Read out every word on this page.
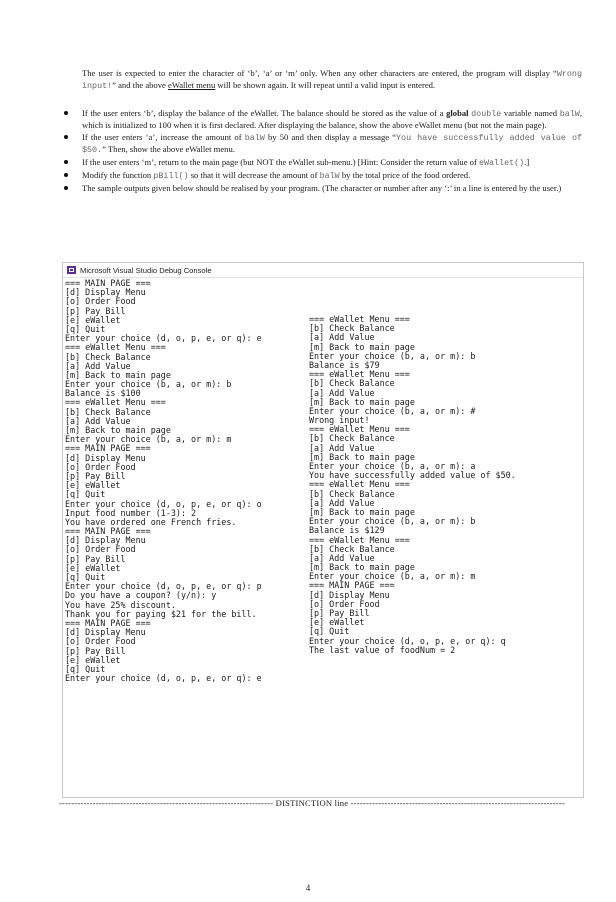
The user is expected to enter the character of ‘b’, ‘a’ or ‘m’ only. When any other characters are entered, the program will display “Wrong input!” and the above eWallet menu will be shown again. It will repeat until a valid input is entered.

If the user enters ‘b’, display the balance of the eWallet. The balance should be stored as the value of a global double variable named balW, which is initialized to 100 when it is first declared. After displaying the balance, show the above eWallet menu (but not the main page).
If the user enters ‘a’, increase the amount of balW by 50 and then display a message “You have successfully added value of $50.” Then, show the above eWallet menu.
If the user enters ‘m’, return to the main page (but NOT the eWallet sub-menu.) [Hint: Consider the return value of eWallet().]
Modify the function pBill() so that it will decrease the amount of balW by the total price of the food ordered.
The sample outputs given below should be realised by your program. (The character or number after any ‘:’ in a line is entered by the user.)
Microsoft Visual Studio Debug Console
=== MAIN PAGE ===
[d] Display Menu
[o] Order Food
[p] Pay Bill
[e] eWallet
[q] Quit
Enter your choice (d, o, p, e, or q): e
=== eWallet Menu ===
[b] Check Balance
[a] Add Value
[m] Back to main page
Enter your choice (b, a, or m): b
Balance is $100
=== eWallet Menu ===
[b] Check Balance
[a] Add Value
[m] Back to main page
Enter your choice (b, a, or m): m
=== MAIN PAGE ===
[d] Display Menu
[o] Order Food
[p] Pay Bill
[e] eWallet
[q] Quit
Enter your choice (d, o, p, e, or q): o
Input food number (1-3): 2
You have ordered one French fries.
=== MAIN PAGE ===
[d] Display Menu
[o] Order Food
[p] Pay Bill
[e] eWallet
[q] Quit
Enter your choice (d, o, p, e, or q): p
Do you have a coupon? (y/n): y
You have 25% discount.
Thank you for paying $21 for the bill.
=== MAIN PAGE ===
[d] Display Menu
[o] Order Food
[p] Pay Bill
[e] eWallet
[q] Quit
Enter your choice (d, o, p, e, or q): e
=== eWallet Menu ===
[b] Check Balance
[a] Add Value
[m] Back to main page
Enter your choice (b, a, or m): b
Balance is $79
=== eWallet Menu ===
[b] Check Balance
[a] Add Value
[m] Back to main page
Enter your choice (b, a, or m): #
Wrong input!
=== eWallet Menu ===
[b] Check Balance
[a] Add Value
[m] Back to main page
Enter your choice (b, a, or m): a
You have successfully added value of $50.
=== eWallet Menu ===
[b] Check Balance
[a] Add Value
[m] Back to main page
Enter your choice (b, a, or m): b
Balance is $129
=== eWallet Menu ===
[b] Check Balance
[a] Add Value
[m] Back to main page
Enter your choice (b, a, or m): m
=== MAIN PAGE ===
[d] Display Menu
[o] Order Food
[p] Pay Bill
[e] eWallet
[q] Quit
Enter your choice (d, o, p, e, or q): q
The last value of foodNum = 2
---------------------------------------------------------------------- DISTINCTION line ----------------------------------------------------------------------
4
